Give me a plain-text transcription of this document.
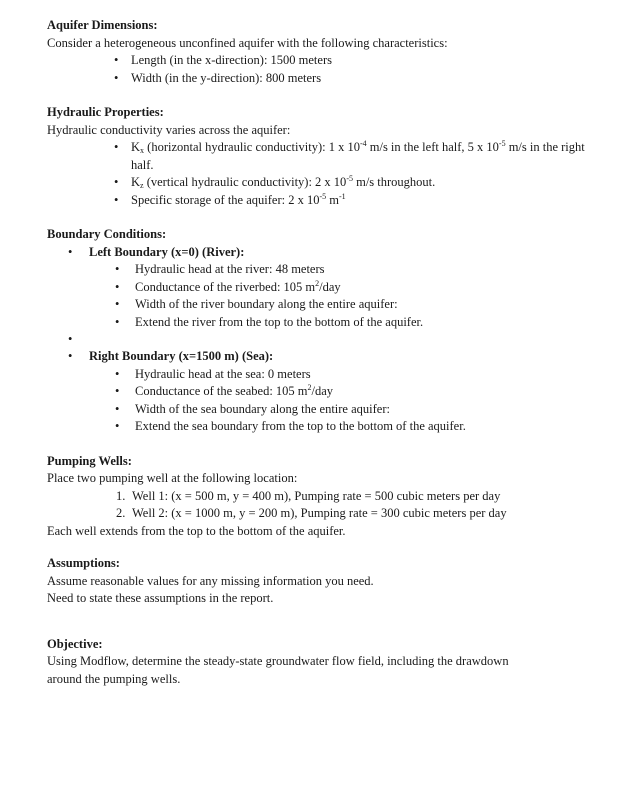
Aquifer Dimensions:
Consider a heterogeneous unconfined aquifer with the following characteristics:
• Length (in the x-direction): 1500 meters
• Width (in the y-direction): 800 meters
Hydraulic Properties:
Hydraulic conductivity varies across the aquifer:
• $K_x$ (horizontal hydraulic conductivity): 1 x $10^{-4}$ m/s in the left half, 5 x $10^{-5}$ m/s in the right half.
• $K_z$ (vertical hydraulic conductivity): 2 x $10^{-5}$ m/s throughout.
• Specific storage of the aquifer: 2 x $10^{-5}$ $m^{-1}$
Boundary Conditions:
• Left Boundary (x=0) (River):
• Hydraulic head at the river: 48 meters
• Conductance of the riverbed: 105 $m^2$/day
• Width of the river boundary along the entire aquifer:
• Extend the river from the top to the bottom of the aquifer.
•
• Right Boundary (x=1500 m) (Sea):
• Hydraulic head at the sea: 0 meters
• Conductance of the seabed: 105 $m^2$/day
• Width of the sea boundary along the entire aquifer:
• Extend the sea boundary from the top to the bottom of the aquifer.
Pumping Wells:
Place two pumping well at the following location:
1. Well 1: (x = 500 m, y = 400 m), Pumping rate = 500 cubic meters per day
2. Well 2: (x = 1000 m, y = 200 m), Pumping rate = 300 cubic meters per day
Each well extends from the top to the bottom of the aquifer.
Assumptions:
Assume reasonable values for any missing information you need.
Need to state these assumptions in the report.
Objective:
Using Modflow, determine the steady-state groundwater flow field, including the drawdown
around the pumping wells.
